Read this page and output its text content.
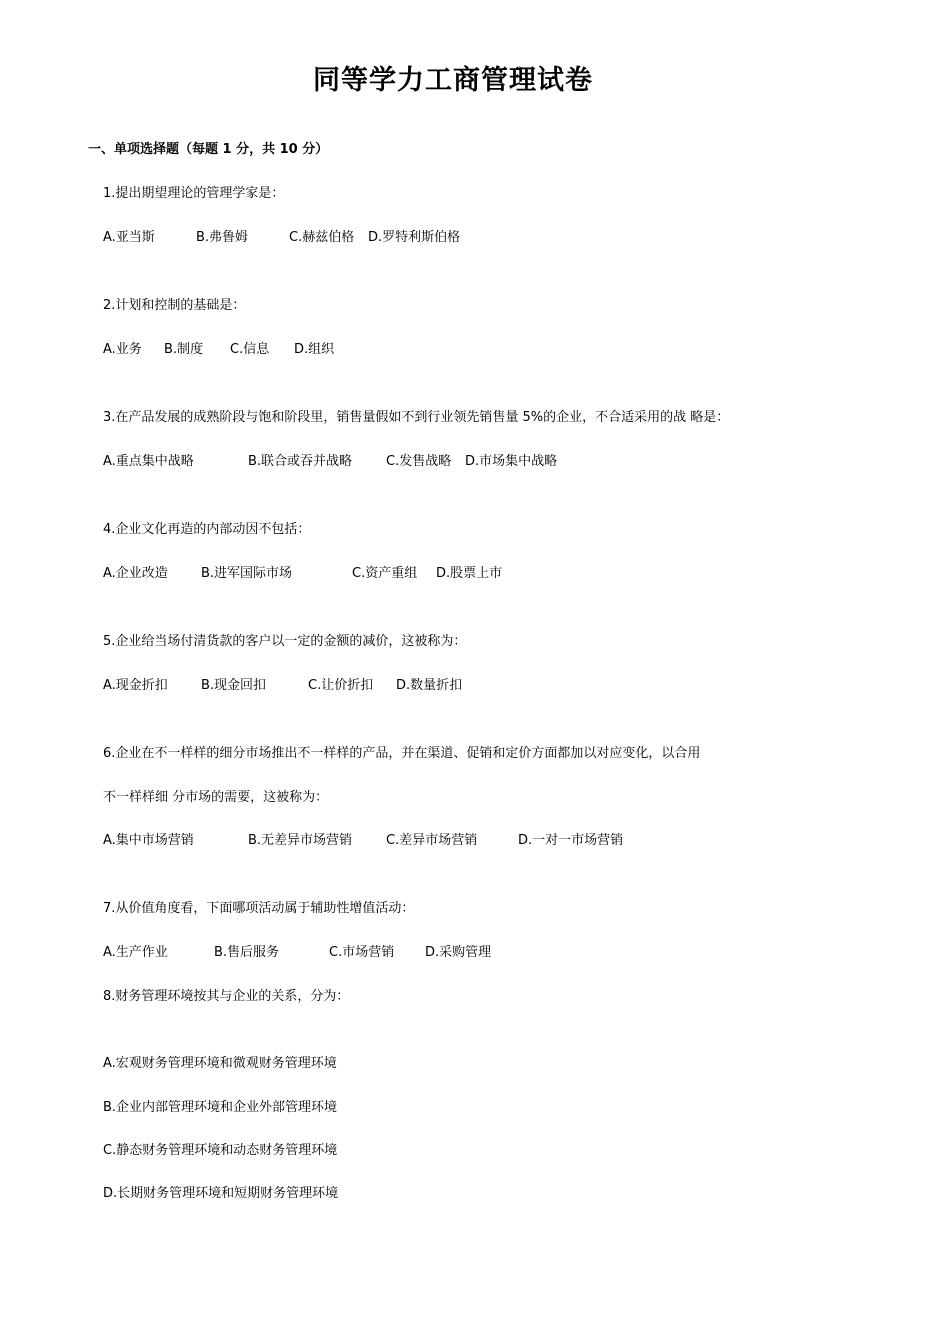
同等学力工商管理试卷
一、单项选择题（每题 1 分，共 10 分）
1.提出期望理论的管理学家是：
A.亚当斯	B.弗鲁姆	C.赫兹伯格 D.罗特利斯伯格
2.计划和控制的基础是：
A.业务 B.制度 C.信息 D.组织
3.在产品发展的成熟阶段与饱和阶段里，销售量假如不到行业领先销售量 5%的企业，不合适采用的战 略是：
A.重点集中战略	B.联合或吞并战略	C.发售战略 D.市场集中战略
4.企业文化再造的内部动因不包括：
A.企业改造	B.进军国际市场	C.资产重组 D.股票上市
5.企业给当场付清货款的客户以一定的金额的减价，这被称为：
A.现金折扣	B.现金回扣	C.让价折扣 D.数量折扣
6.企业在不一样样的细分市场推出不一样样的产品，并在渠道、促销和定价方面都加以对应变化，以合用
不一样样细 分市场的需要，这被称为：
A.集中市场营销	B.无差异市场营销	C.差异市场营销	D.一对一市场营销
7.从价值角度看，下面哪项活动属于辅助性增值活动：
A.生产作业	B.售后服务	C.市场营销 D.采购管理
8.财务管理环境按其与企业的关系，分为：
A.宏观财务管理环境和微观财务管理环境
B.企业内部管理环境和企业外部管理环境
C.静态财务管理环境和动态财务管理环境
D.长期财务管理环境和短期财务管理环境
